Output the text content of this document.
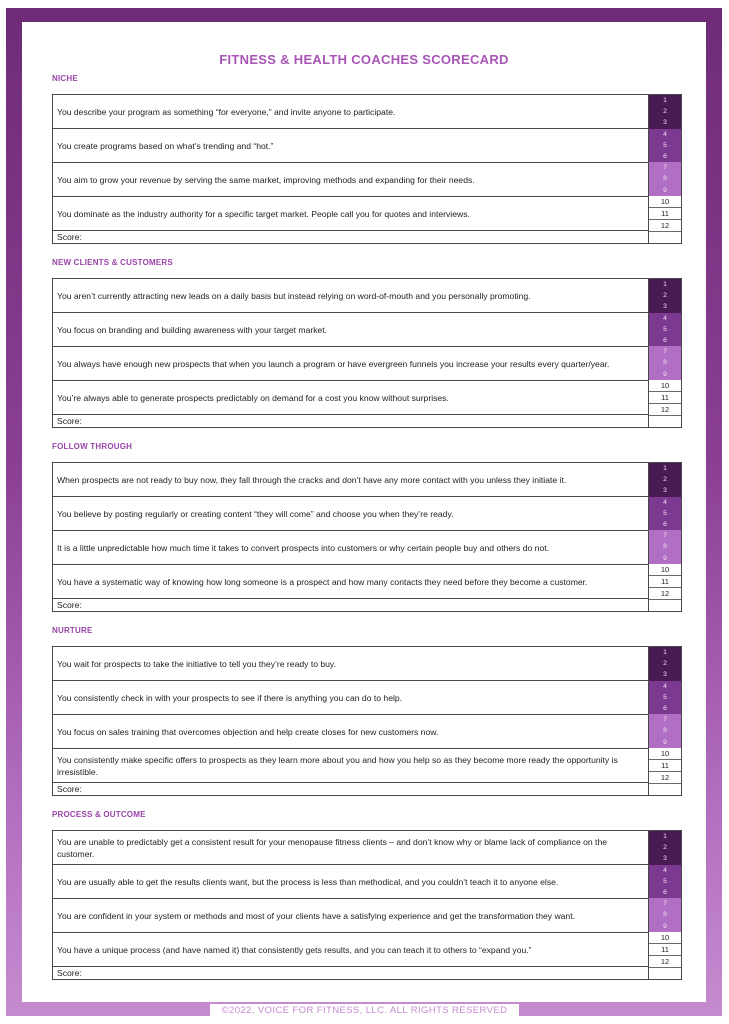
FITNESS & HEALTH COACHES SCORECARD
NICHE
You describe your program as something “for everyone,” and invite anyone to participate.
You create programs based on what’s trending and “hot.”
You aim to grow your revenue by serving the same market, improving methods and expanding for their needs.
You dominate as the industry authority for a specific target market. People call you for quotes and interviews.
Score:
1
2
3
4
5
6
7
8
9
10
11
12
NEW CLIENTS & CUSTOMERS
You aren’t currently attracting new leads on a daily basis but instead relying on word-of-mouth and you personally promoting.
You focus on branding and building awareness with your target market.
You always have enough new prospects that when you launch a program or have evergreen funnels you increase your results every quarter/year.
You’re always able to generate prospects predictably on demand for a cost you know without surprises.
Score:
1
2
3
4
5
6
7
8
9
10
11
12
FOLLOW THROUGH
When prospects are not ready to buy now, they fall through the cracks and don’t have any more contact with you unless they initiate it.
You believe by posting regularly or creating content “they will come” and choose you when they’re ready.
It is a little unpredictable how much time it takes to convert prospects into customers or why certain people buy and others do not.
You have a systematic way of knowing how long someone is a prospect and how many contacts they need before they become a customer.
Score:
1
2
3
4
5
6
7
8
9
10
11
12
NURTURE
You wait for prospects to take the initiative to tell you they’re ready to buy.
You consistently check in with your prospects to see if there is anything you can do to help.
You focus on sales training that overcomes objection and help create closes for new customers now.
You consistently make specific offers to prospects as they learn more about you and how you help so as they become more ready the opportunity is irresistible.
Score:
1
2
3
4
5
6
7
8
9
10
11
12
PROCESS & OUTCOME
You are unable to predictably get a consistent result for your menopause fitness clients – and don’t know why or blame lack of compliance on the customer.
You are usually able to get the results clients want, but the process is less than methodical, and you couldn’t teach it to anyone else.
You are confident in your system or methods and most of your clients have a satisfying experience and get the transformation they want.
You have a unique process (and have named it) that consistently gets results, and you can teach it to others to “expand you.”
Score:
1
2
3
4
5
6
7
8
9
10
11
12
©2022, VOICE FOR FITNESS, LLC. ALL RIGHTS RESERVED
